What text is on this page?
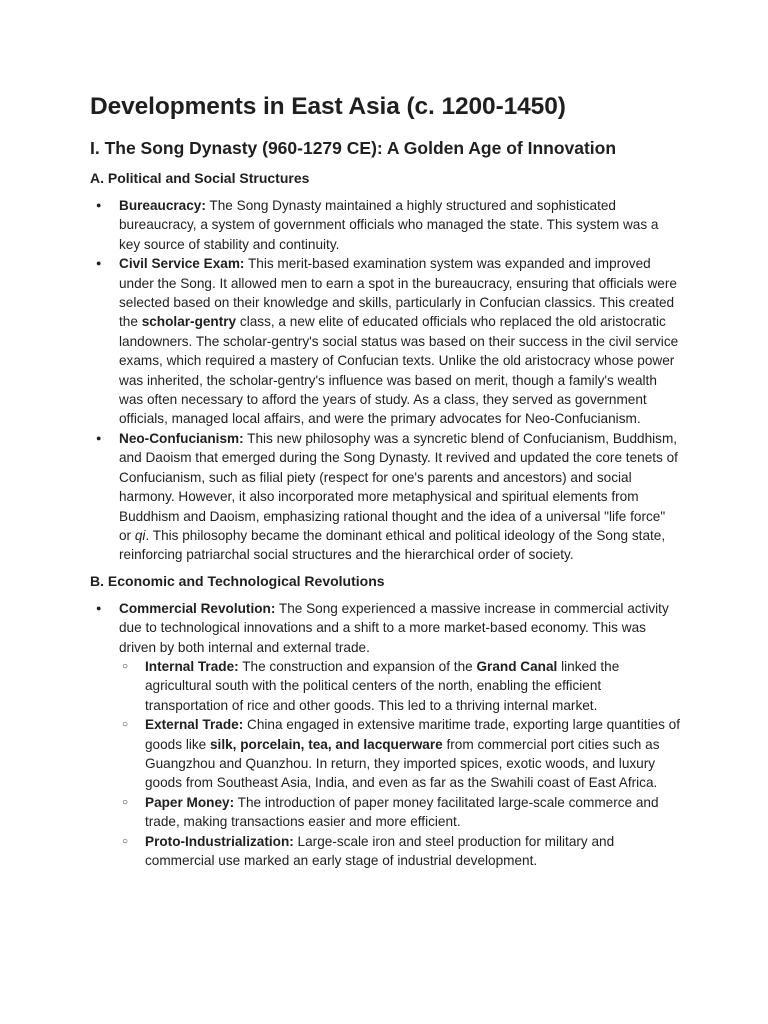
Developments in East Asia (c. 1200-1450)
I. The Song Dynasty (960-1279 CE): A Golden Age of Innovation
A. Political and Social Structures
● Bureaucracy: The Song Dynasty maintained a highly structured and sophisticated bureaucracy, a system of government officials who managed the state. This system was a key source of stability and continuity.
● Civil Service Exam: This merit-based examination system was expanded and improved under the Song. It allowed men to earn a spot in the bureaucracy, ensuring that officials were selected based on their knowledge and skills, particularly in Confucian classics. This created the scholar-gentry class, a new elite of educated officials who replaced the old aristocratic landowners. The scholar-gentry's social status was based on their success in the civil service exams, which required a mastery of Confucian texts. Unlike the old aristocracy whose power was inherited, the scholar-gentry's influence was based on merit, though a family's wealth was often necessary to afford the years of study. As a class, they served as government officials, managed local affairs, and were the primary advocates for Neo-Confucianism.
● Neo-Confucianism: This new philosophy was a syncretic blend of Confucianism, Buddhism, and Daoism that emerged during the Song Dynasty. It revived and updated the core tenets of Confucianism, such as filial piety (respect for one's parents and ancestors) and social harmony. However, it also incorporated more metaphysical and spiritual elements from Buddhism and Daoism, emphasizing rational thought and the idea of a universal "life force" or qi. This philosophy became the dominant ethical and political ideology of the Song state, reinforcing patriarchal social structures and the hierarchical order of society.
B. Economic and Technological Revolutions
● Commercial Revolution: The Song experienced a massive increase in commercial activity due to technological innovations and a shift to a more market-based economy. This was driven by both internal and external trade.
○ Internal Trade: The construction and expansion of the Grand Canal linked the agricultural south with the political centers of the north, enabling the efficient transportation of rice and other goods. This led to a thriving internal market.
○ External Trade: China engaged in extensive maritime trade, exporting large quantities of goods like silk, porcelain, tea, and lacquerware from commercial port cities such as Guangzhou and Quanzhou. In return, they imported spices, exotic woods, and luxury goods from Southeast Asia, India, and even as far as the Swahili coast of East Africa.
○ Paper Money: The introduction of paper money facilitated large-scale commerce and trade, making transactions easier and more efficient.
○ Proto-Industrialization: Large-scale iron and steel production for military and commercial use marked an early stage of industrial development.
